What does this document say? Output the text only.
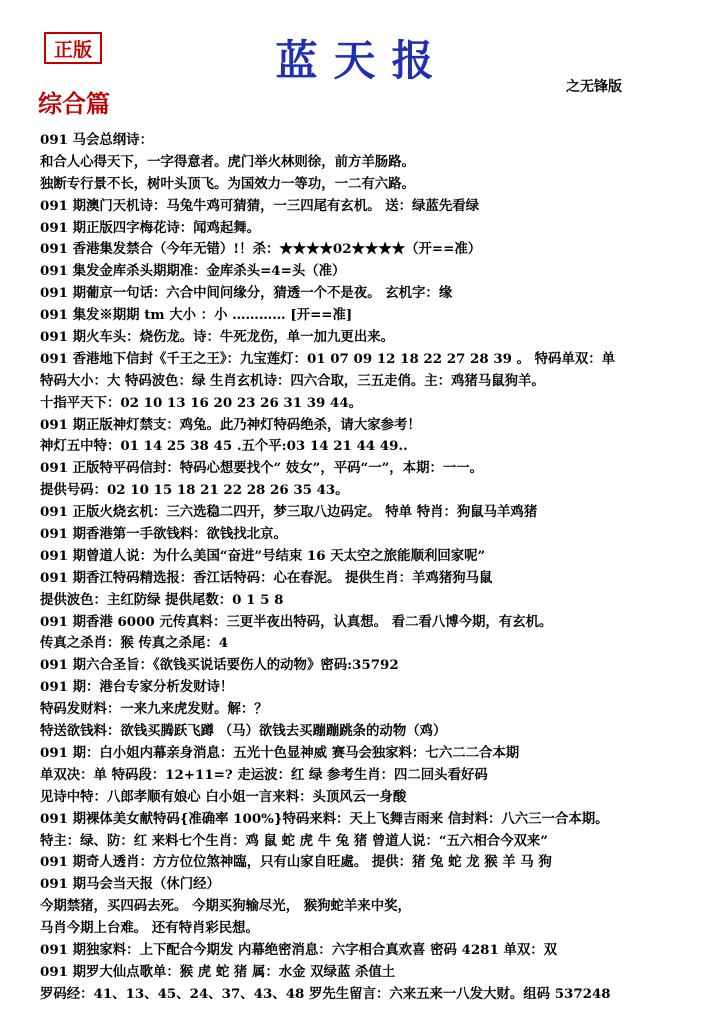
正版	蓝天报
之无锋版
综合篇
091 马会总纲诗：
和合人心得天下，一字得意者。虎门举火林则徐，前方羊肠路。
独断专行景不长，树叶头顶飞。为国效力一等功，一二有六路。
091 期澳门天机诗：马兔牛鸡可猜猜，一三四尾有玄机。 送：绿蓝先看绿
091 期正版四字梅花诗：闻鸡起舞。
091 香港集发禁合（今年无错）!！杀：★★★★02★★★★（开==准）
091 集发金库杀头期期准：金库杀头=4=头（准）
091 期葡京一句话：六合中间问缘分，猜透一个不是夜。 玄机字：缘
091 集发※期期 tm 大小 ：小 ………… [开==准]
091 期火车头：烧伤龙。诗：牛死龙伤，单一加九更出来。
091 香港地下信封《千王之王》：九宝莲灯：01 07 09 12 18 22 27 28 39 。 特码单双：单
特码大小：大 特码波色：绿 生肖玄机诗：四六合取，三五走俏。主：鸡猪马鼠狗羊。
十指平天下：02 10 13 16 20 23 26 31 39 44。
091 期正版神灯禁支：鸡兔。此乃神灯特码绝杀，请大家参考！
神灯五中特：01 14 25 38 45 .五个平:03 14 21 44 49..
091 正版特平码信封：特码心想要找个“ 妓女”，平码“一”，本期：一一。
提供号码：02 10 15 18 21 22 28 26 35 43。
091 正版火烧玄机：三六选稳二四开，梦三取八边码定。 特单 特肖：狗鼠马羊鸡猪
091 期香港第一手欲钱料：欲钱找北京。
091 期曾道人说：为什么美国“奋进”号结束 16 天太空之旅能顺利回家呢”
091 期香江特码精选报：香江话特码：心在春泥。 提供生肖：羊鸡猪狗马鼠
提供波色：主红防绿 提供尾数：0 1 5 8
091 期香港 6000 元传真料：三更半夜出特码，认真想。 看二看八博今期，有玄机。
传真之杀肖：猴 传真之杀尾：4
091 期六合圣旨：《欲钱买说话要伤人的动物》密码:35792
091 期：港台专家分析发财诗！
特码发财料：一来九来虎发财。解：？
特送欲钱料：欲钱买腾跃飞蹲 （马）欲钱去买蹦蹦跳条的动物（鸡）
091 期：白小姐内幕亲身消息：五光十色显神威 赛马会独家料：七六二二合本期
单双决：单 特码段：12+11=? 走运波：红 绿 参考生肖：四二回头看好码
见诗中特：八郎孝顺有娘心 白小姐一言来料：头顶风云一身酸
091 期裸体美女献特码{准确率 100%}特码来料：天上飞舞吉雨来 信封料：八六三一合本期。
特主：绿、防：红 来料七个生肖：鸡 鼠 蛇 虎 牛 兔 猪 曾道人说：“五六相合今双来”
091 期奇人透肖：方方位位煞神臨，只有山家自旺處。 提供：猪 兔 蛇 龙 猴 羊 马 狗
091 期马会当天报（休门经）
今期禁猪，买四码去死。 今期买狗输尽光， 猴狗蛇羊来中奖，
马肖今期上台难。 还有特肖彩民想。
091 期独家料：上下配合今期发 内幕绝密消息：六字相合真欢喜 密码 4281 单双：双
091 期罗大仙点歌单：猴 虎 蛇 猪 属：水金 双绿蓝 杀值土
罗码经：41、13、45、24、37、43、48 罗先生留言：六来五来一八发大财。组码 537248
